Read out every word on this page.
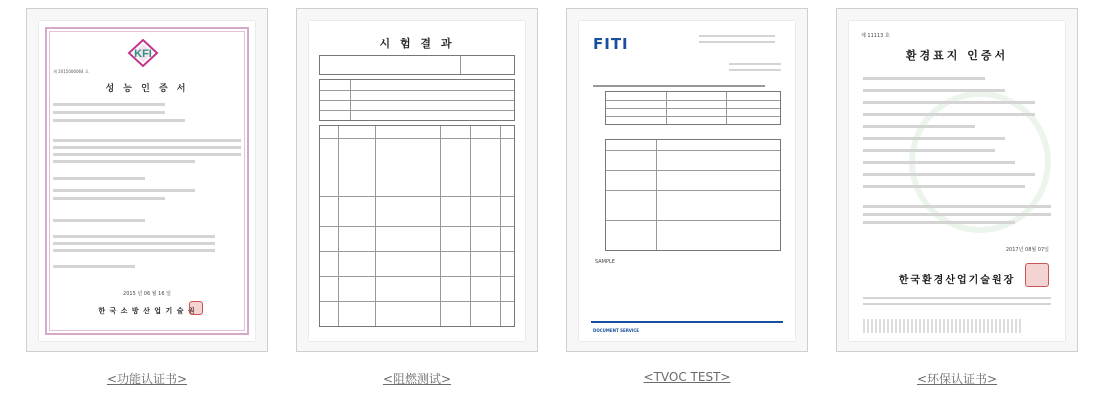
KFI
제 2015006064 호
성 능 인 증 서
2015 년 06 월 16 일
한 국 소 방 산 업 기 술 원
<功能认证书>
시 험 결 과
<阻燃测试>
FITI
SAMPLE
DOCUMENT SERVICE
<TVOC TEST>
제 11113 호
환경표지 인증서
2017년 08월 07일
한국환경산업기술원장
<环保认证书>
